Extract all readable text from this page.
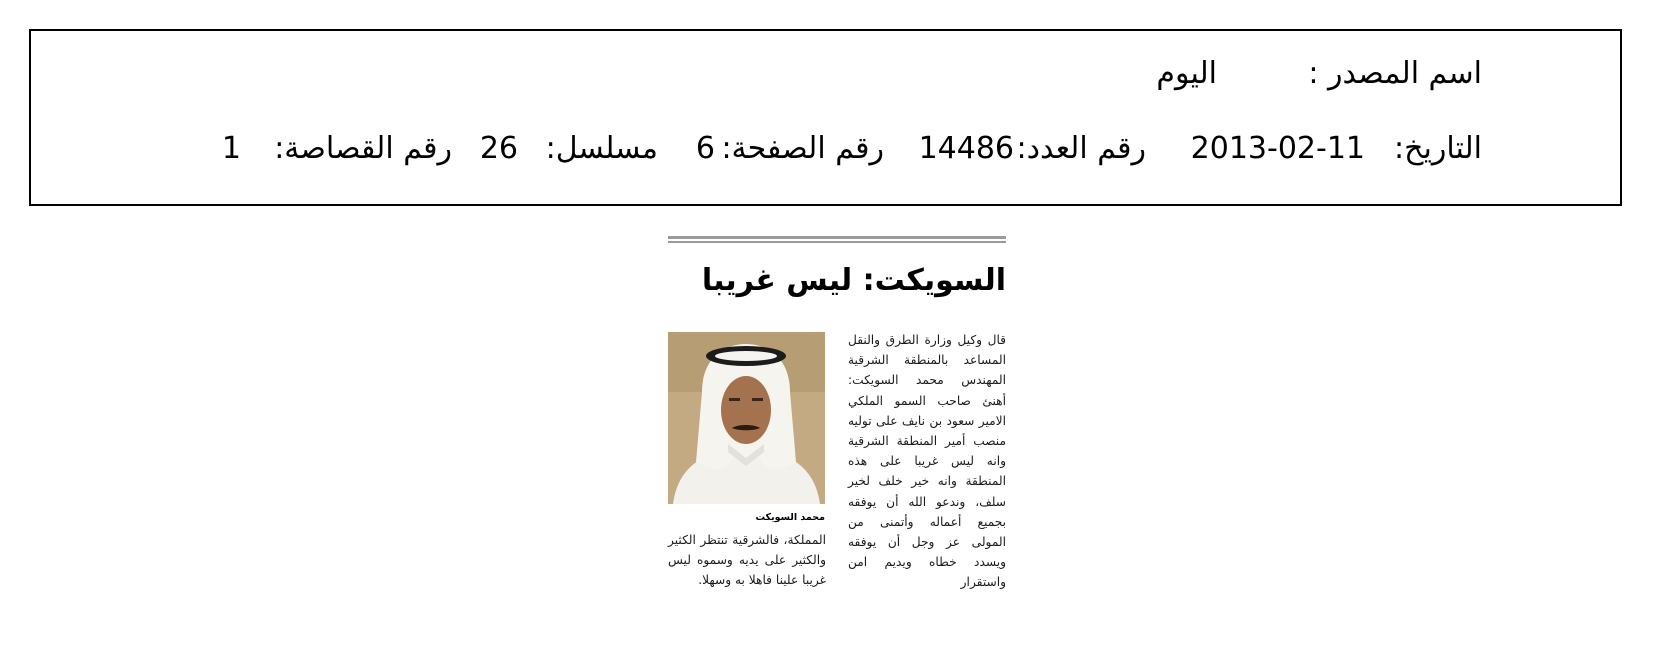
اسم المصدر :
اليوم
التاريخ:
2013-02-11
رقم العدد:
14486
رقم الصفحة:
6
مسلسل:
26
رقم القصاصة:
1
السويكت: ليس غريبا

قال وكيل وزارة الطرق والنقل المساعد بالمنطقة الشرقية المهندس محمد السويكت: أهنئ صاحب السمو الملكي الامير سعود بن نايف على توليه منصب أمير المنطقة الشرقية وانه ليس غريبا على هذه المنطقة وانه خير خلف لخير سلف، وندعو الله أن يوفقه بجميع أعماله وأتمنى من المولى عز وجل أن يوفقه ويسدد خطاه ويديم امن واستقرار

محمد السويكت

المملكة، فالشرقية تنتظر الكثير والكثير على يديه وسموه ليس غريبا علينا فاهلا به وسهلا.
